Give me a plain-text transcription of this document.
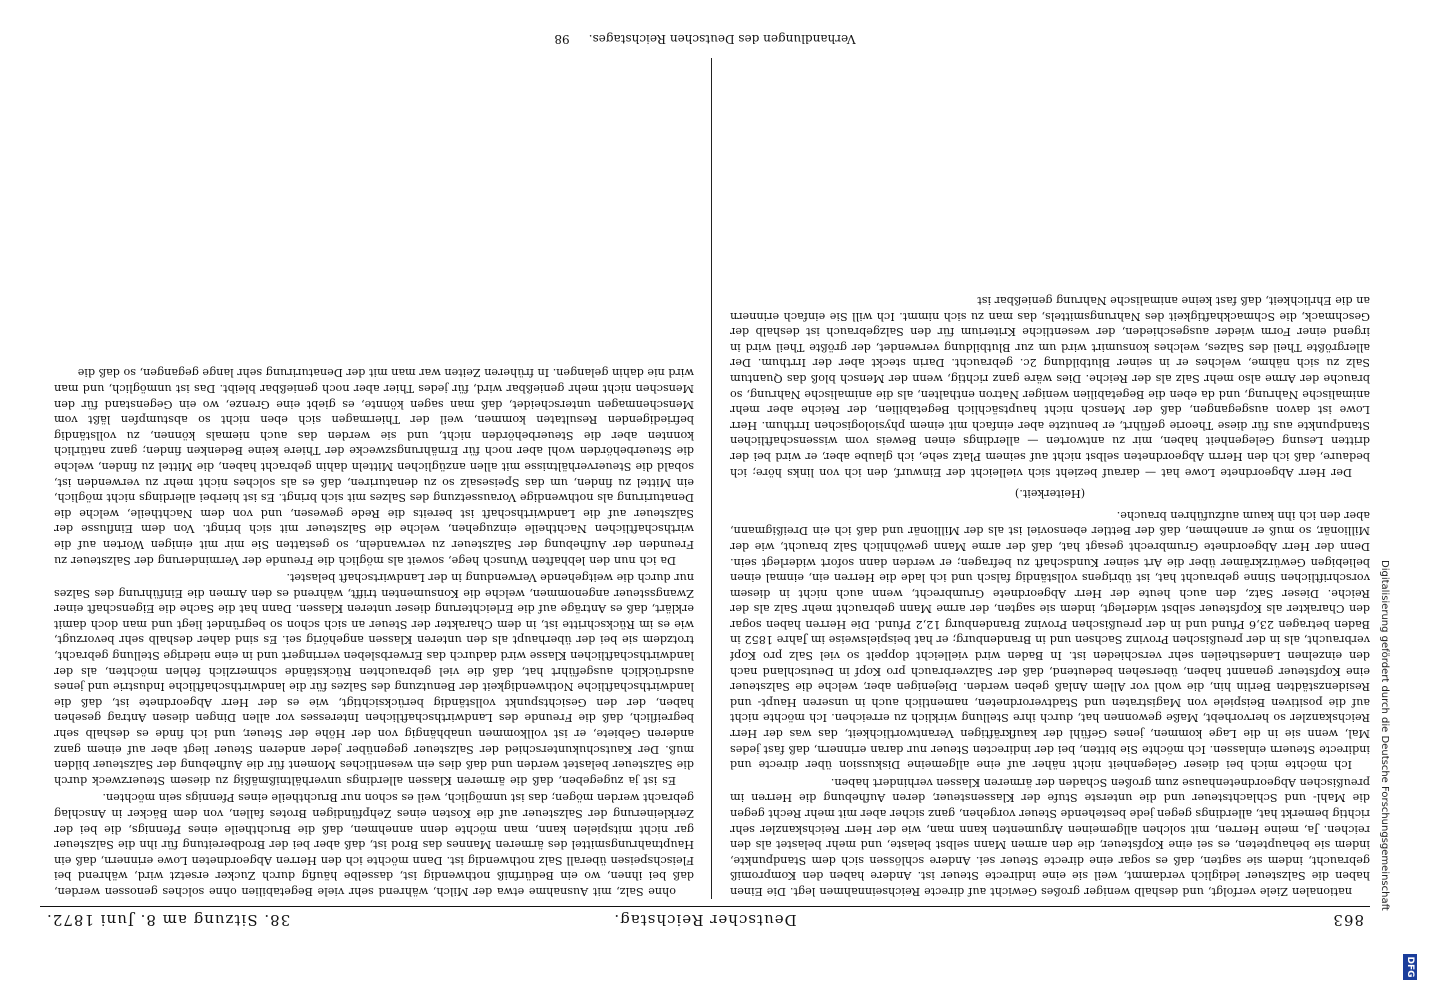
863
Deutscher Reichstag.
38. Sitzung am 8. Juni 1872.

nationalen Ziele verfolgt, und deshalb weniger großes Gewicht auf directe Reichseinnahmen legt. Die Einen haben die Salzsteuer lediglich verdammt, weil sie eine indirecte Steuer ist. Andere haben den Kompromiß gebraucht, indem sie sagten, daß es sogar eine directe Steuer sei. Andere schlössen sich dem Standpunkte, indem sie behaupteten, es sei eine Kopfsteuer, die den armen Mann selbst belaste, und mehr belastet als den reichen. Ja, meine Herren, mit solchen allgemeinen Argumenten kann man, wie der Herr Reichskanzler sehr richtig bemerkt hat, allerdings gegen jede bestehende Steuer vorgehen, ganz sicher aber mit mehr Recht gegen die Mahl- und Schlachtsteuer und die unterste Stufe der Klassensteuer, deren Aufhebung die Herren im preußischen Abgeordnetenhause zum großen Schaden der ärmeren Klassen verhindert haben.

Ich möchte mich bei dieser Gelegenheit nicht näher auf eine allgemeine Diskussion über directe und indirecte Steuern einlassen. Ich möchte Sie bitten, bei der indirecten Steuer nur daran erinnern, daß fast jedes Mal, wenn sie in die Lage kommen, jenes Gefühl der kaufkräftigen Verantwortlichkeit, das was der Herr Reichskanzler so hervorhebt, Maße gewonnen hat, durch ihre Stellung wirklich zu erreichen. Ich möchte nicht auf die positiven Beispiele von Magistraten und Stadtverordneten, namentlich auch in unseren Haupt- und Residenzstädten Berlin hin, die wohl vor Allem Anlaß geben werden. Diejenigen aber, welche die Salzsteuer eine Kopfsteuer genannt haben, übersehen bedeutend, daß der Salzverbrauch pro Kopf in Deutschland nach den einzelnen Landestheilen sehr verschieden ist. In Baden wird vielleicht doppelt so viel Salz pro Kopf verbraucht, als in der preußischen Provinz Sachsen und in Brandenburg; er hat beispielsweise im Jahre 1852 in Baden betragen 23,6 Pfund und in der preußischen Provinz Brandenburg 12,2 Pfund. Die Herren haben sogar den Charakter als Kopfsteuer selbst widerlegt, indem sie sagten, der arme Mann gebraucht mehr Salz als der Reiche. Dieser Satz, den auch heute der Herr Abgeordnete Grumbrecht, wenn auch nicht in diesem vorschriftlichen Sinne gebraucht hat, ist übrigens vollständig falsch und ich lade die Herren ein, einmal einen beliebigen Gewürzkrämer über die Art seiner Kundschaft zu befragen; er werden dann sofort widerlegt sein. Denn der Herr Abgeordnete Grumbrecht gesagt hat, daß der arme Mann gewöhnlich Salz braucht, wie der Millionär, so muß er annehmen, daß der Bettler ebensoviel ist als der Millionär und daß ich ein Dreißigmann, aber den ich ihn kaum aufzuführen brauche.

(Heiterkeit.)

Der Herr Abgeordnete Lowe hat — darauf bezieht sich vielleicht der Einwurf, den ich von links höre; ich bedaure, daß ich den Herrn Abgeordneten selbst nicht auf seinem Platz sehe, ich glaube aber, er wird bei der dritten Lesung Gelegenheit haben, mir zu antworten — allerdings einen Beweis vom wissenschaftlichen Standpunkte aus für diese Theorie geführt, er benutzte aber einfach mit einem physiologischen Irrthum. Herr Lowe ist davon ausgegangen, daß der Mensch nicht hauptsächlich Begetabilien, der Reiche aber mehr animalische Nahrung, und da eben die Begetabilien weniger Natron enthalten, als die animalische Nahrung, so brauche der Arme also mehr Salz als der Reiche. Dies wäre ganz richtig, wenn der Mensch bloß das Quantum Salz zu sich nähme, welches er in seiner Blutbildung 2c. gebraucht. Darin steckt aber der Irrthum. Der allergrößte Theil des Salzes, welches konsumirt wird um zur Blutbildung verwendet, der größte Theil wird in irgend einer Form wieder ausgeschieden, der wesentliche Kriterium für den Salzgebrauch ist deshalb der Geschmack, die Schmackhaftigkeit des Nahrungsmittels, das man zu sich nimmt. Ich will Sie einfach erinnern an die Ehrlichkeit, daß fast keine animalische Nahrung genießbar ist

ohne Salz, mit Ausnahme etwa der Milch, während sehr viele Begetabilien ohne solches genossen werden, daß bei ihnen, wo ein Bedürfniß nothwendig ist, dasselbe häufig durch Zucker ersetzt wird, während bei Fleischspeisen überall Salz nothwendig ist. Dann möchte ich den Herren Abgeordneten Lowe erinnern, daß ein Hauptnahrungsmittel des ärmeren Mannes das Brod ist, daß aber bei der Brodbereitung für ihn die Salzsteuer gar nicht mitspielen kann, man möchte denn annehmen, daß die Bruchtheile eines Pfennigs, die bei der Zerkleinerung der Salzsteuer auf die Kosten eines Zehpfündigen Brotes fallen, von dem Bäcker in Anschlag gebracht werden mögen; das ist unmöglich, weil es schon nur Bruchtheile eines Pfennigs sein möchten.

Es ist ja zugegeben, daß die ärmeren Klassen allerdings unverhältnißmäßig zu diesem Steuerzweck durch die Salzsteuer belastet werden und daß dies ein wesentliches Moment für die Aufhebung der Salzsteuer bilden muß. Der Kautschukunterschied der Salzsteuer gegenüber jeder anderen Steuer liegt aber auf einem ganz anderen Gebiete, er ist vollkommen unabhängig von der Höhe der Steuer, und ich finde es deshalb sehr begreiflich, daß die Freunde des Landwirthschaftlichen Interesses vor allen Dingen diesen Antrag gesehen haben, der den Gesichtspunkt vollständig berücksichtigt, wie es der Herr Abgeordnete ist, daß die landwirthschaftliche Nothwendigkeit der Benutzung des Salzes für die landwirthschaftliche Industrie und jenes ausdrücklich ausgeführt hat, daß die viel gebrauchten Rückstände schmerzlich fehlen möchten, als der landwirthschaftlichen Klasse wird dadurch das Erwerbsleben verringert und in eine niedrige Stellung gebracht, trotzdem sie bei der überhaupt als den unteren Klassen angehörig sei. Es sind daher deshalb sehr bevorzugt, wie es im Rückschritte ist, in dem Charakter der Steuer an sich schon so begründet liegt und man doch damit erklärt, daß es Anträge auf die Erleichterung dieser unteren Klassen. Dann hat die Sache die Eigenschaft einer Zwangssteuer angenommen, welche die Konsumenten trifft, während es den Armen die Einführung des Salzes nur durch die weitgehende Verwendung in der Landwirtschaft belastet.

Da ich nun den lebhaften Wunsch hege, soweit als möglich die Freunde der Verminderung der Salzsteuer zu Freunden der Aufhebung der Salzsteuer zu verwandeln, so gestatten Sie mir mit einigen Worten auf die wirthschaftlichen Nachtheile einzugehen, welche die Salzsteuer mit sich bringt. Von dem Einflusse der Salzsteuer auf die Landwirthschaft ist bereits die Rede gewesen, und von dem Nachtheile, welche die Denaturirung als nothwendige Voraussetzung des Salzes mit sich bringt. Es ist hierbei allerdings nicht möglich, ein Mittel zu finden, um das Speisesalz so zu denaturiren, daß es als solches nicht mehr zu verwenden ist, sobald die Steuerverhältnisse mit allen anzüglichen Mitteln dahin gebracht haben, die Mittel zu finden, welche die Steuerbehörden wohl aber noch für Ernährungszwecke der Thiere keine Bedenken finden; ganz natürlich konnten aber die Steuerbehörden nicht, und sie werden das auch niemals können, zu vollständig befriedigenden Resultaten kommen, weil der Thiermagen sich eben nicht so abstumpfen läßt vom Menschenmagen unterscheidet, daß man sagen könnte, es giebt eine Grenze, wo ein Gegenstand für den Menschen nicht mehr genießbar wird, für jedes Thier aber noch genießbar bleibt. Das ist unmöglich, und man wird nie dahin gelangen. In früheren Zeiten war man mit der Denaturirung sehr lange gegangen, so daß die

Verhandlungen des Deutschen Reichstages.     98
Digitalisierung gefördert durch die Deutsche Forschungsgemeinschaft
DFG
